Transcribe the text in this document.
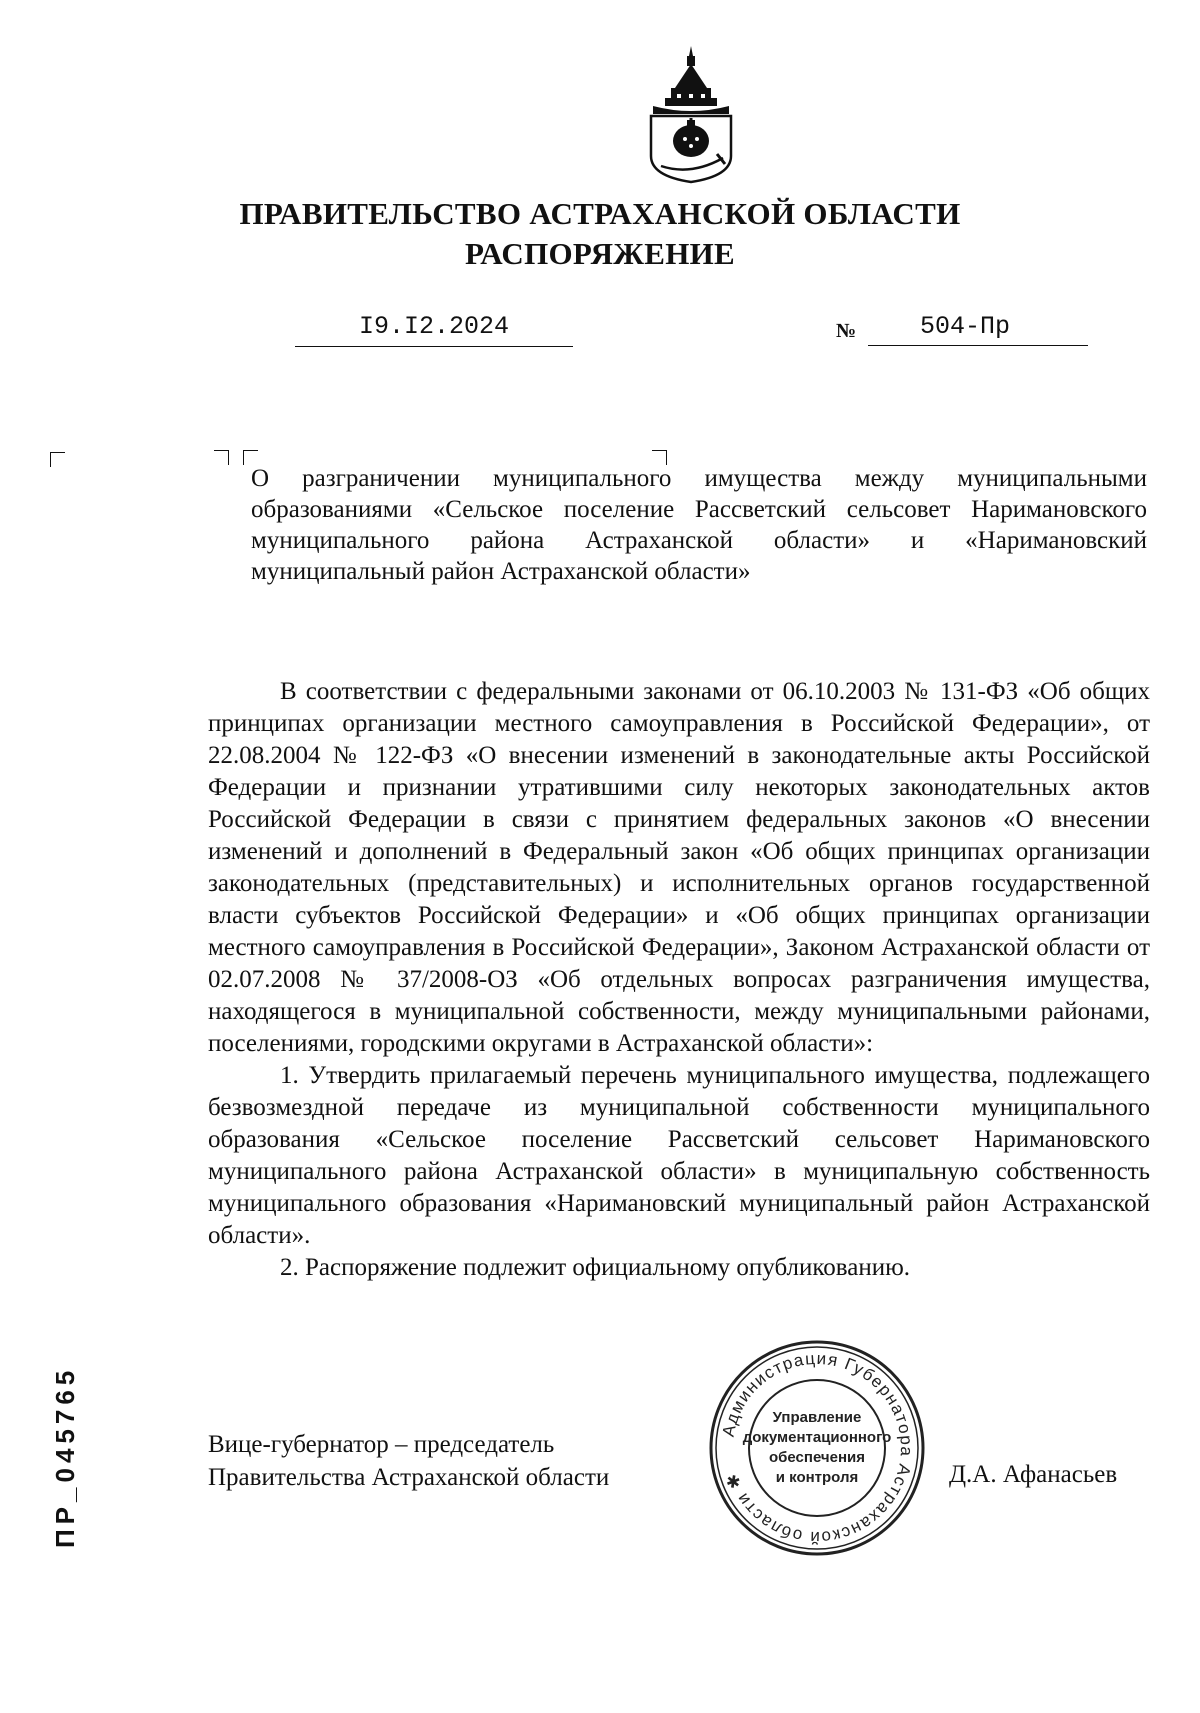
ПРАВИТЕЛЬСТВО АСТРАХАНСКОЙ ОБЛАСТИ
РАСПОРЯЖЕНИЕ
I9.I2.2024	№	504-Пр
О разграничении муниципального имущества между муниципальными образованиями «Сельское поселение Рассветский сельсовет Наримановского муниципального района Астраханской области» и «Наримановский муниципальный район Астраханской области»

В соответствии с федеральными законами от 06.10.2003 № 131-ФЗ «Об общих принципах организации местного самоуправления в Российской Федерации», от 22.08.2004 № 122-ФЗ «О внесении изменений в законодательные акты Российской Федерации и признании утратившими силу некоторых законодательных актов Российской Федерации в связи с принятием федеральных законов «О внесении изменений и дополнений в Федеральный закон «Об общих принципах организации законодательных (представительных) и исполнительных органов государственной власти субъектов Российской Федерации» и «Об общих принципах организации местного самоуправления в Российской Федерации», Законом Астраханской области от 02.07.2008 № 37/2008-ОЗ «Об отдельных вопросах разграничения имущества, находящегося в муниципальной собственности, между муниципальными районами, поселениями, городскими округами в Астраханской области»:

1. Утвердить прилагаемый перечень муниципального имущества, подлежащего безвозмездной передаче из муниципальной собственности муниципального образования «Сельское поселение Рассветский сельсовет Наримановского муниципального района Астраханской области» в муниципальную собственность муниципального образования «Наримановский муниципальный район Астраханской области».

2. Распоряжение подлежит официальному опубликованию.

Вице-губернатор – председатель
Правительства Астраханской области
Администрация Губернатора Астраханской области ✱
Управление
документационного
обеспечения
и контроля	Д.А. Афанасьев
ПР_045765
